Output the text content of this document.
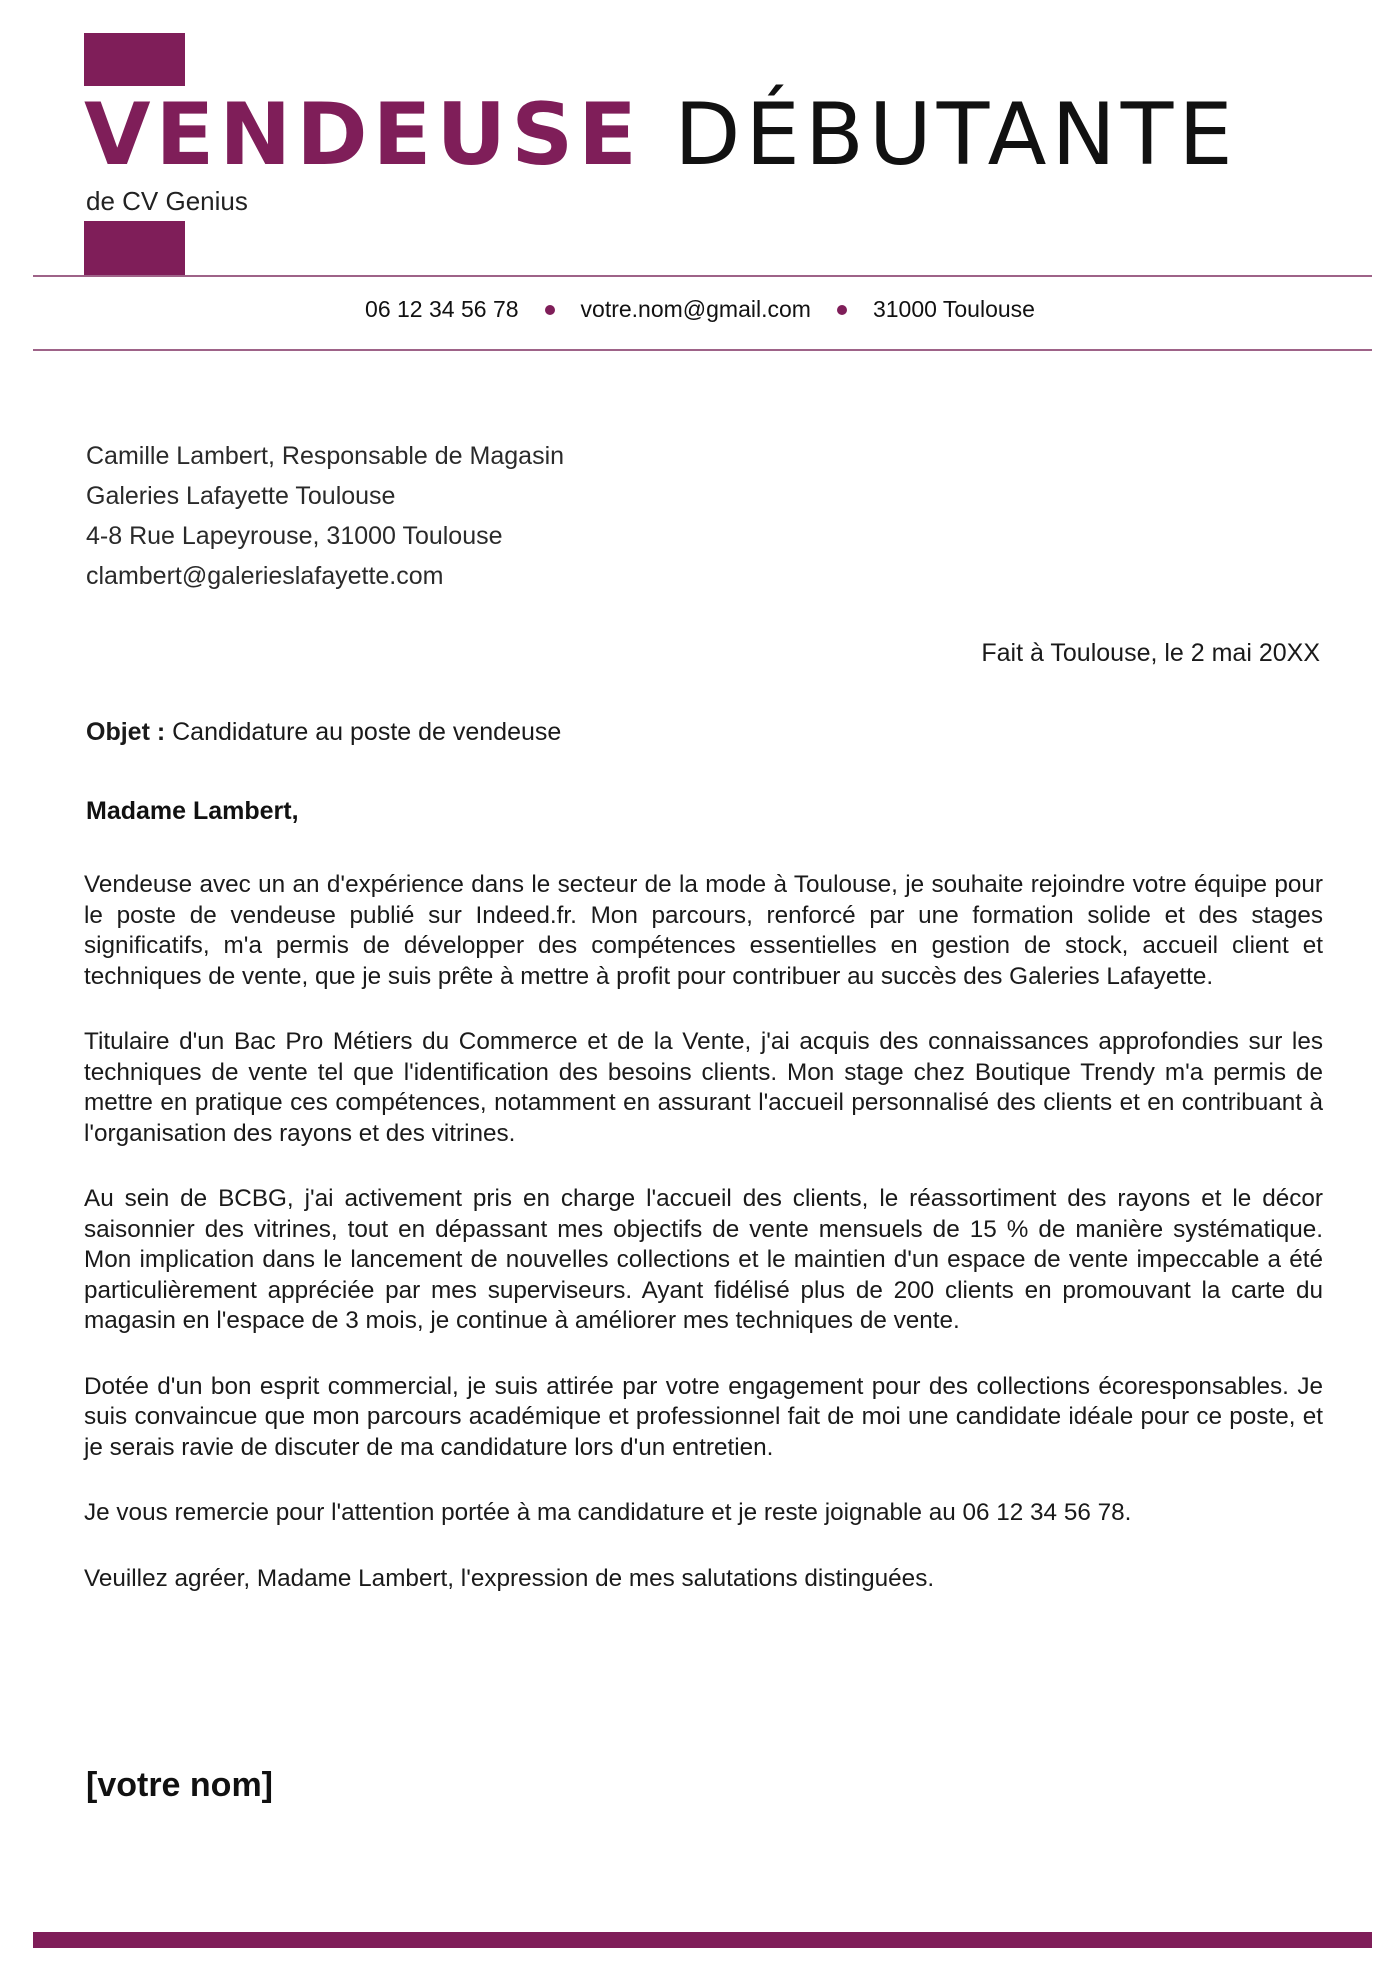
VENDEUSE DÉBUTANTE
de CV Genius
06 12 34 56 78	votre.nom@gmail.com	31000 Toulouse
Camille Lambert, Responsable de Magasin
Galeries Lafayette Toulouse
4-8 Rue Lapeyrouse, 31000 Toulouse
clambert@galerieslafayette.com
Fait à Toulouse, le 2 mai 20XX
Objet : Candidature au poste de vendeuse
Madame Lambert,

Vendeuse avec un an d'expérience dans le secteur de la mode à Toulouse, je souhaite rejoindre votre équipe pour le poste de vendeuse publié sur Indeed.fr. Mon parcours, renforcé par une formation solide et des stages significatifs, m'a permis de développer des compétences essentielles en gestion de stock, accueil client et techniques de vente, que je suis prête à mettre à profit pour contribuer au succès des Galeries Lafayette.

Titulaire d'un Bac Pro Métiers du Commerce et de la Vente, j'ai acquis des connaissances approfondies sur les techniques de vente tel que l'identification des besoins clients. Mon stage chez Boutique Trendy m'a permis de mettre en pratique ces compétences, notamment en assurant l'accueil personnalisé des clients et en contribuant à l'organisation des rayons et des vitrines.

Au sein de BCBG, j'ai activement pris en charge l'accueil des clients, le réassortiment des rayons et le décor saisonnier des vitrines, tout en dépassant mes objectifs de vente mensuels de 15 % de manière systématique. Mon implication dans le lancement de nouvelles collections et le maintien d'un espace de vente impeccable a été particulièrement appréciée par mes superviseurs. Ayant fidélisé plus de 200 clients en promouvant la carte du magasin en l'espace de 3 mois, je continue à améliorer mes techniques de vente.

Dotée d'un bon esprit commercial, je suis attirée par votre engagement pour des collections écoresponsables. Je suis convaincue que mon parcours académique et professionnel fait de moi une candidate idéale pour ce poste, et je serais ravie de discuter de ma candidature lors d'un entretien.

Je vous remercie pour l'attention portée à ma candidature et je reste joignable au 06 12 34 56 78.

Veuillez agréer, Madame Lambert, l'expression de mes salutations distinguées.

[votre nom]
